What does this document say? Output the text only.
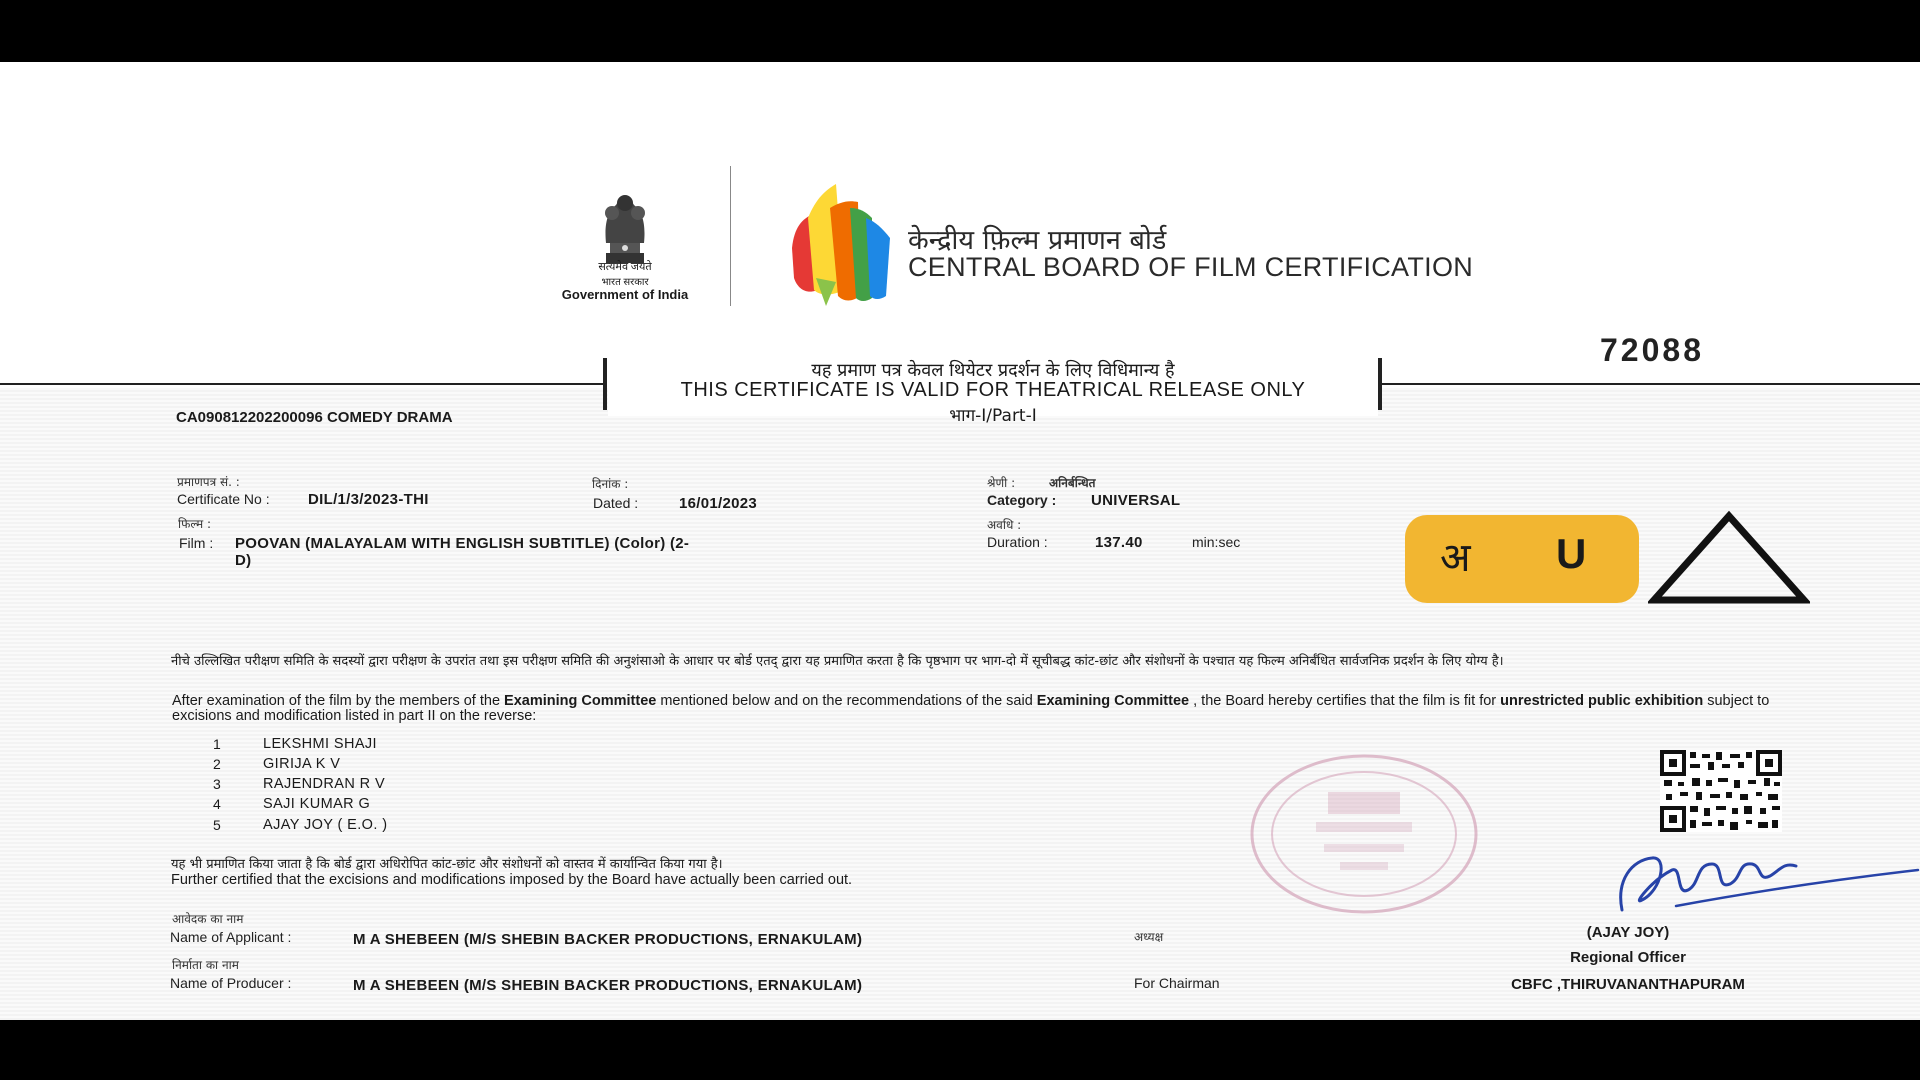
सत्यमेव जयते
भारत सरकार
Government of India
केन्द्रीय फ़िल्म प्रमाणन बोर्ड
CENTRAL BOARD OF FILM CERTIFICATION
72088
यह प्रमाण पत्र केवल थियेटर प्रदर्शन के लिए विधिमान्य है
THIS CERTIFICATE IS VALID FOR THEATRICAL RELEASE ONLY
भाग-I/Part-I
CA090812202200096 COMEDY DRAMA
प्रमाणपत्र सं. :
Certificate No :	DIL/1/3/2023-THI
दिनांक :
Dated :	16/01/2023
श्रेणी :	अनिर्बन्धित
Category : UNIVERSAL
फिल्म :
Film : POOVAN (MALAYALAM WITH ENGLISH SUBTITLE) (Color) (2-
D)
अवधि :
Duration :	137.40	min:sec	अ U
नीचे उल्लिखित परीक्षण समिति के सदस्यों द्वारा परीक्षण के उपरांत तथा इस परीक्षण समिति की अनुशंसाओ के आधार पर बोर्ड एतद् द्वारा यह प्रमाणित करता है कि पृष्ठभाग पर भाग-दो में सूचीबद्ध कांट-छांट और संशोधनों के पश्चात यह फिल्म अनिर्बंधित सार्वजनिक प्रदर्शन के लिए योग्य है।
After examination of the film by the members of the Examining Committee mentioned below and on the recommendations of the said Examining Committee , the Board hereby certifies that the film is fit for unrestricted public exhibition subject to excisions and modification listed in part II on the reverse:
1	LEKSHMI SHAJI
2	GIRIJA K V
3	RAJENDRAN R V
4	SAJI KUMAR G
5	AJAY JOY ( E.O. )
यह भी प्रमाणित किया जाता है कि बोर्ड द्वारा अधिरोपित कांट-छांट और संशोधनों को वास्तव में कार्यान्वित किया गया है।
Further certified that the excisions and modifications imposed by the Board have actually been carried out.
आवेदक का नाम
Name of Applicant :	M A SHEBEEN (M/S SHEBIN BACKER PRODUCTIONS, ERNAKULAM)
निर्माता का नाम
Name of Producer :	M A SHEBEEN (M/S SHEBIN BACKER PRODUCTIONS, ERNAKULAM)
अध्यक्ष
For Chairman
(AJAY JOY)
Regional Officer
CBFC ,THIRUVANANTHAPURAM
